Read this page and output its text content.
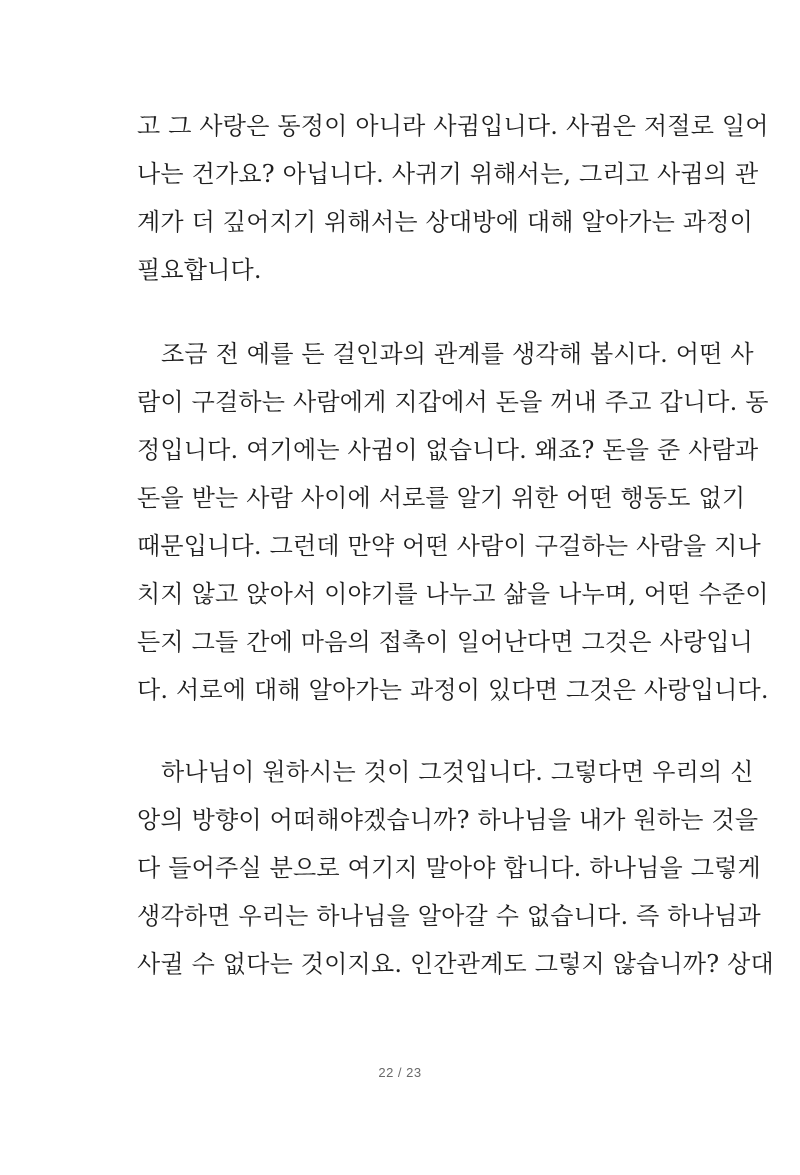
고 그 사랑은 동정이 아니라 사귐입니다. 사귐은 저절로 일어
나는 건가요? 아닙니다. 사귀기 위해서는, 그리고 사귐의 관
계가 더 깊어지기 위해서는 상대방에 대해 알아가는 과정이
필요합니다.
조금 전 예를 든 걸인과의 관계를 생각해 봅시다. 어떤 사
람이 구걸하는 사람에게 지갑에서 돈을 꺼내 주고 갑니다. 동
정입니다. 여기에는 사귐이 없습니다. 왜죠? 돈을 준 사람과
돈을 받는 사람 사이에 서로를 알기 위한 어떤 행동도 없기
때문입니다. 그런데 만약 어떤 사람이 구걸하는 사람을 지나
치지 않고 앉아서 이야기를 나누고 삶을 나누며, 어떤 수준이
든지 그들 간에 마음의 접촉이 일어난다면 그것은 사랑입니
다. 서로에 대해 알아가는 과정이 있다면 그것은 사랑입니다.
하나님이 원하시는 것이 그것입니다. 그렇다면 우리의 신
앙의 방향이 어떠해야겠습니까? 하나님을 내가 원하는 것을
다 들어주실 분으로 여기지 말아야 합니다. 하나님을 그렇게
생각하면 우리는 하나님을 알아갈 수 없습니다. 즉 하나님과
사귈 수 없다는 것이지요. 인간관계도 그렇지 않습니까? 상대
22 / 23
